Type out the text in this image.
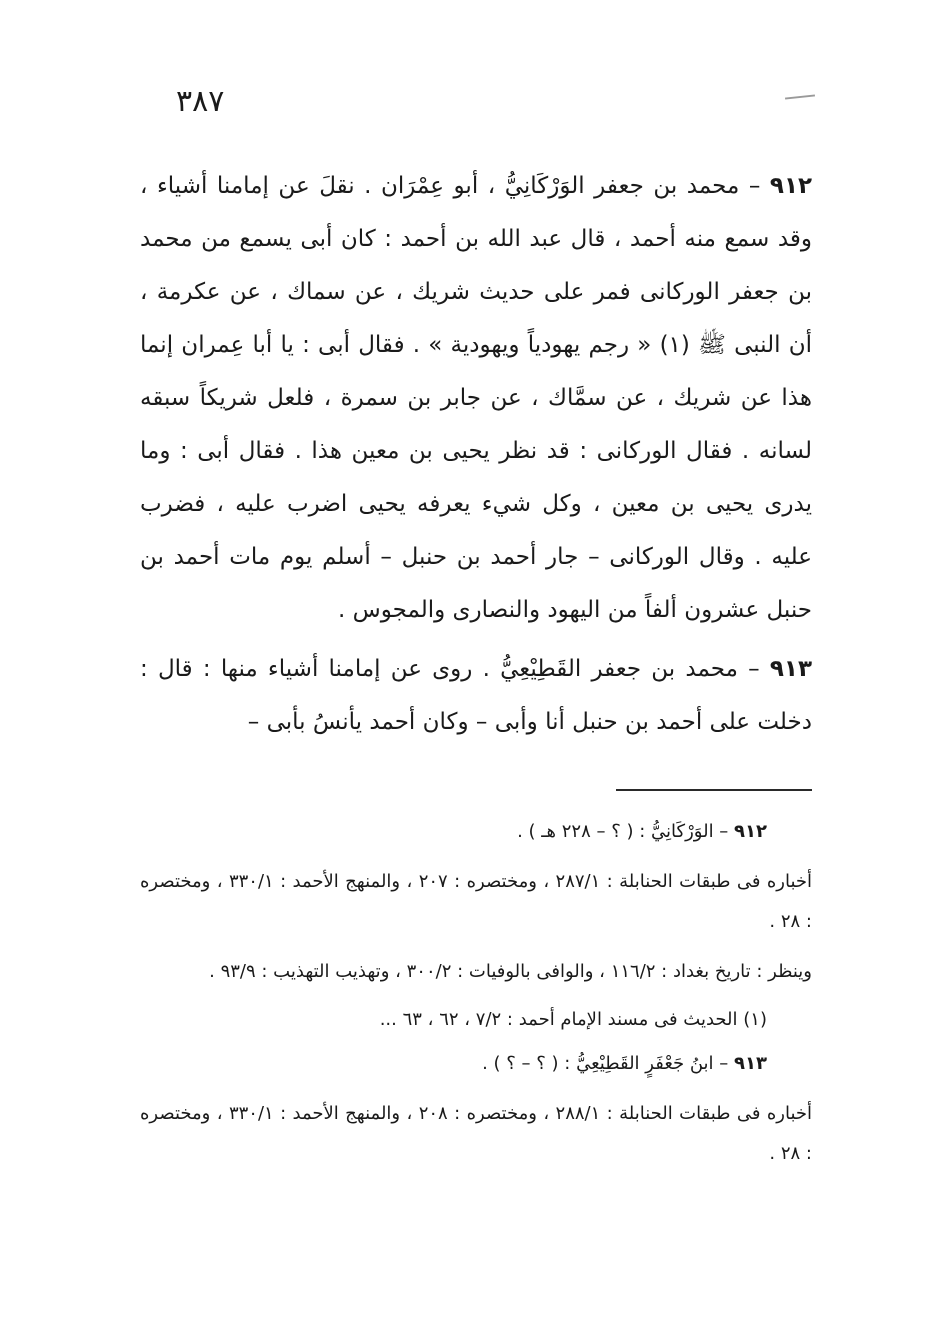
٣٨٧

٩١٢ – محمد بن جعفر الوَرْكَانِيُّ ، أبو عِمْرَان . نقلَ عن إمامنا أشياء ، وقد سمع منه أحمد ، قال عبد الله بن أحمد : كان أبى يسمع من محمد بن جعفر الوركانى فمر على حديث شريك ، عن سماك ، عن عكرمة ، أن النبى ﷺ (١) « رجم يهودياً ويهودية » . فقال أبى : يا أبا عِمران إنما هذا عن شريك ، عن سمَّاك ، عن جابر بن سمرة ، فلعل شريكاً سبقه لسانه . فقال الوركانى : قد نظر يحيى بن معين هذا . فقال أبى : وما يدرى يحيى بن معين ، وكل شيء يعرفه يحيى اضرب عليه ، فضرب عليه . وقال الوركانى – جار أحمد بن حنبل – أسلم يوم مات أحمد بن حنبل عشرون ألفاً من اليهود والنصارى والمجوس .

٩١٣ – محمد بن جعفر القَطِيْعِيُّ . روى عن إمامنا أشياء منها : قال : دخلت على أحمد بن حنبل أنا وأبى – وكان أحمد يأنسُ بأبى –

٩١٢ – الوَرْكَانِيُّ : ( ؟ – ٢٢٨ هـ ) .

أخباره فى طبقات الحنابلة : ٢٨٧/١ ، ومختصره : ٢٠٧ ، والمنهج الأحمد : ٣٣٠/١ ، ومختصره : ٢٨ .

وينظر : تاريخ بغداد : ١١٦/٢ ، والوافى بالوفيات : ٣٠٠/٢ ، وتهذيب التهذيب : ٩٣/٩ .

(١) الحديث فى مسند الإمام أحمد : ٧/٢ ، ٦٢ ، ٦٣ ...

٩١٣ – ابنُ جَعْفَرٍ القَطِيْعِيُّ : ( ؟ – ؟ ) .

أخباره فى طبقات الحنابلة : ٢٨٨/١ ، ومختصره : ٢٠٨ ، والمنهج الأحمد : ٣٣٠/١ ، ومختصره : ٢٨ .
